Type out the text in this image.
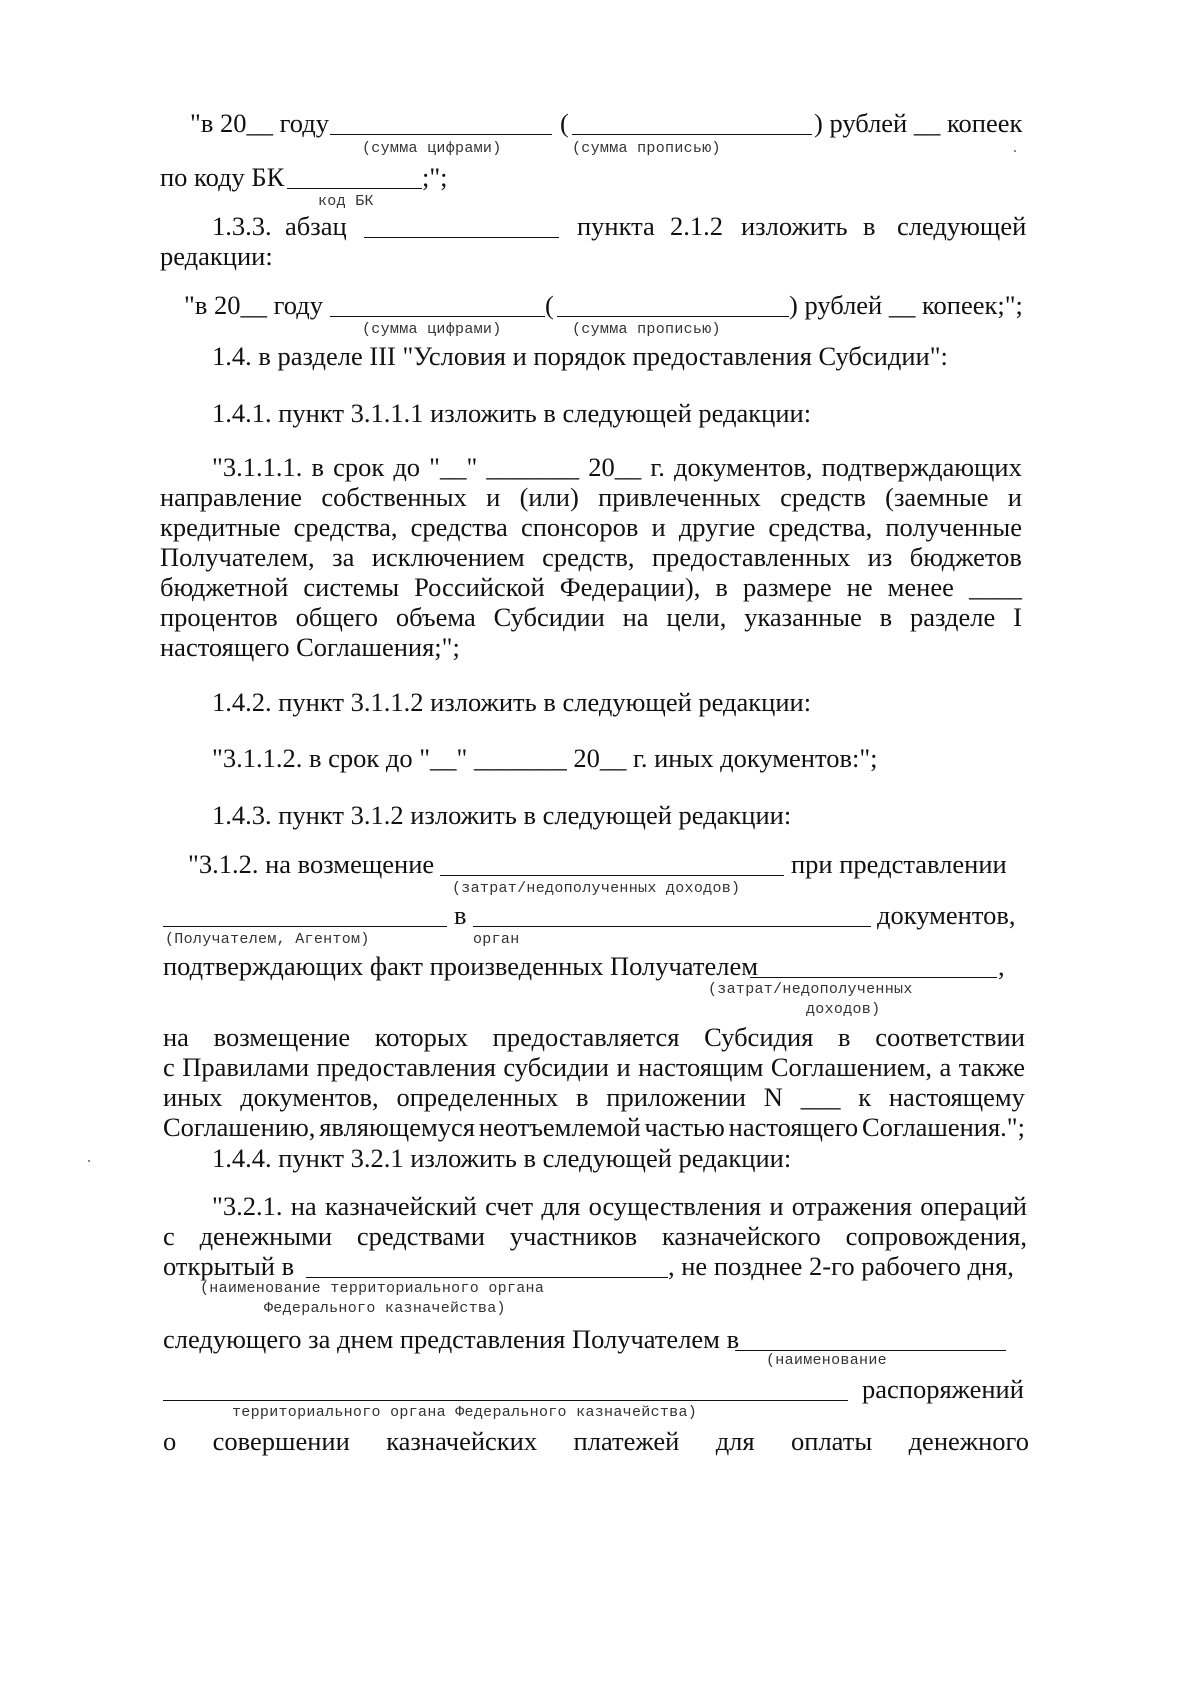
"в 20__ году	(	) рублей __ копеек
(сумма цифрами)	(сумма прописью)
по коду БК	;";
код БК
1.3.3. абзац	пункта 2.1.2 изложить в следующей
редакции:
"в 20__ году	(	) рублей __ копеек;";
(сумма цифрами)	(сумма прописью)
1.4. в разделе III "Условия и порядок предоставления Субсидии":
1.4.1. пункт 3.1.1.1 изложить в следующей редакции:
"3.1.1.1. в срок до "__" _______ 20__ г. документов, подтверждающих
направление собственных и (или) привлеченных средств (заемные и
кредитные средства, средства спонсоров и другие средства, полученные
Получателем, за исключением средств, предоставленных из бюджетов
бюджетной системы Российской Федерации), в размере не менее ____
процентов общего объема Субсидии на цели, указанные в разделе I
настоящего Соглашения;";
1.4.2. пункт 3.1.1.2 изложить в следующей редакции:
"3.1.1.2. в срок до "__" _______ 20__ г. иных документов:";
1.4.3. пункт 3.1.2 изложить в следующей редакции:
"3.1.2. на возмещение	при представлении
(затрат/недополученных доходов)
в	документов,
(Получателем, Агентом)	орган
подтверждающих факт произведенных Получателем	,
(затрат/недополученных
доходов)
на возмещение которых предоставляется Субсидия в соответствии
с Правилами предоставления субсидии и настоящим Соглашением, а также
иных документов, определенных в приложении N ___ к настоящему
Соглашению, являющемуся неотъемлемой частью настоящего Соглашения.";
1.4.4. пункт 3.2.1 изложить в следующей редакции:
"3.2.1. на казначейский счет для осуществления и отражения операций
с денежными средствами участников казначейского сопровождения,
открытый в	, не позднее 2-го рабочего дня,
(наименование территориального органа
Федерального казначейства)
следующего за днем представления Получателем в
(наименование
распоряжений
территориального органа Федерального казначейства)
о совершении казначейских платежей для оплаты денежного
